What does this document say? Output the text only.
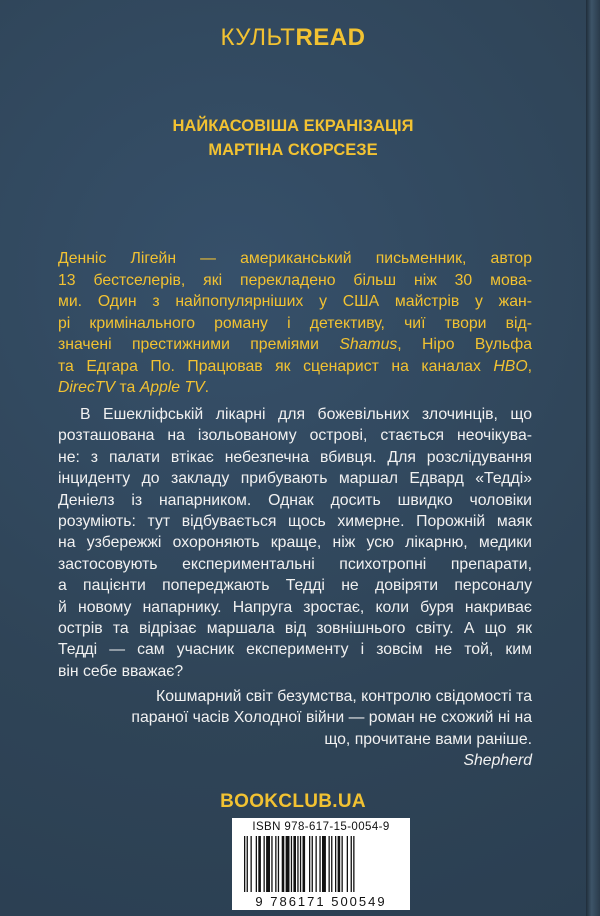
КУЛЬТREAD
НАЙКАСОВІША ЕКРАНІЗАЦІЯ
МАРТІНА СКОРСЕЗЕ
Денніс Лігейн — американський письменник, автор
13 бестселерів, які перекладено більш ніж 30 мова-
ми. Один з найпопулярніших у США майстрів у жан-
рі кримінального роману і детективу, чиї твори від-
значені престижними преміями Shamus, Ніро Вульфа
та Едгара По. Працював як сценарист на каналах HBO,
DirecTV та Apple TV.
В Ешекліфській лікарні для божевільних злочинців, що
розташована на ізольованому острові, стається неочікува-
не: з палати втікає небезпечна вбивця. Для розслідування
інциденту до закладу прибувають маршал Едвард «Тедді»
Деніелз із напарником. Однак досить швидко чоловіки
розуміють: тут відбувається щось химерне. Порожній маяк
на узбережжі охороняють краще, ніж усю лікарню, медики
застосовують експериментальні психотропні препарати,
а пацієнти попереджають Тедді не довіряти персоналу
й новому напарнику. Напруга зростає, коли буря накриває
острів та відрізає маршала від зовнішнього світу. А що як
Тедді — сам учасник експерименту і зовсім не той, ким
він себе вважає?
Кошмарний світ безумства, контролю свідомості та
параної часів Холодної війни — роман не схожий ні на
що, прочитане вами раніше.
Shepherd
BOOKCLUB.UA
ISBN 978-617-15-0054-9
9 786171 500549
